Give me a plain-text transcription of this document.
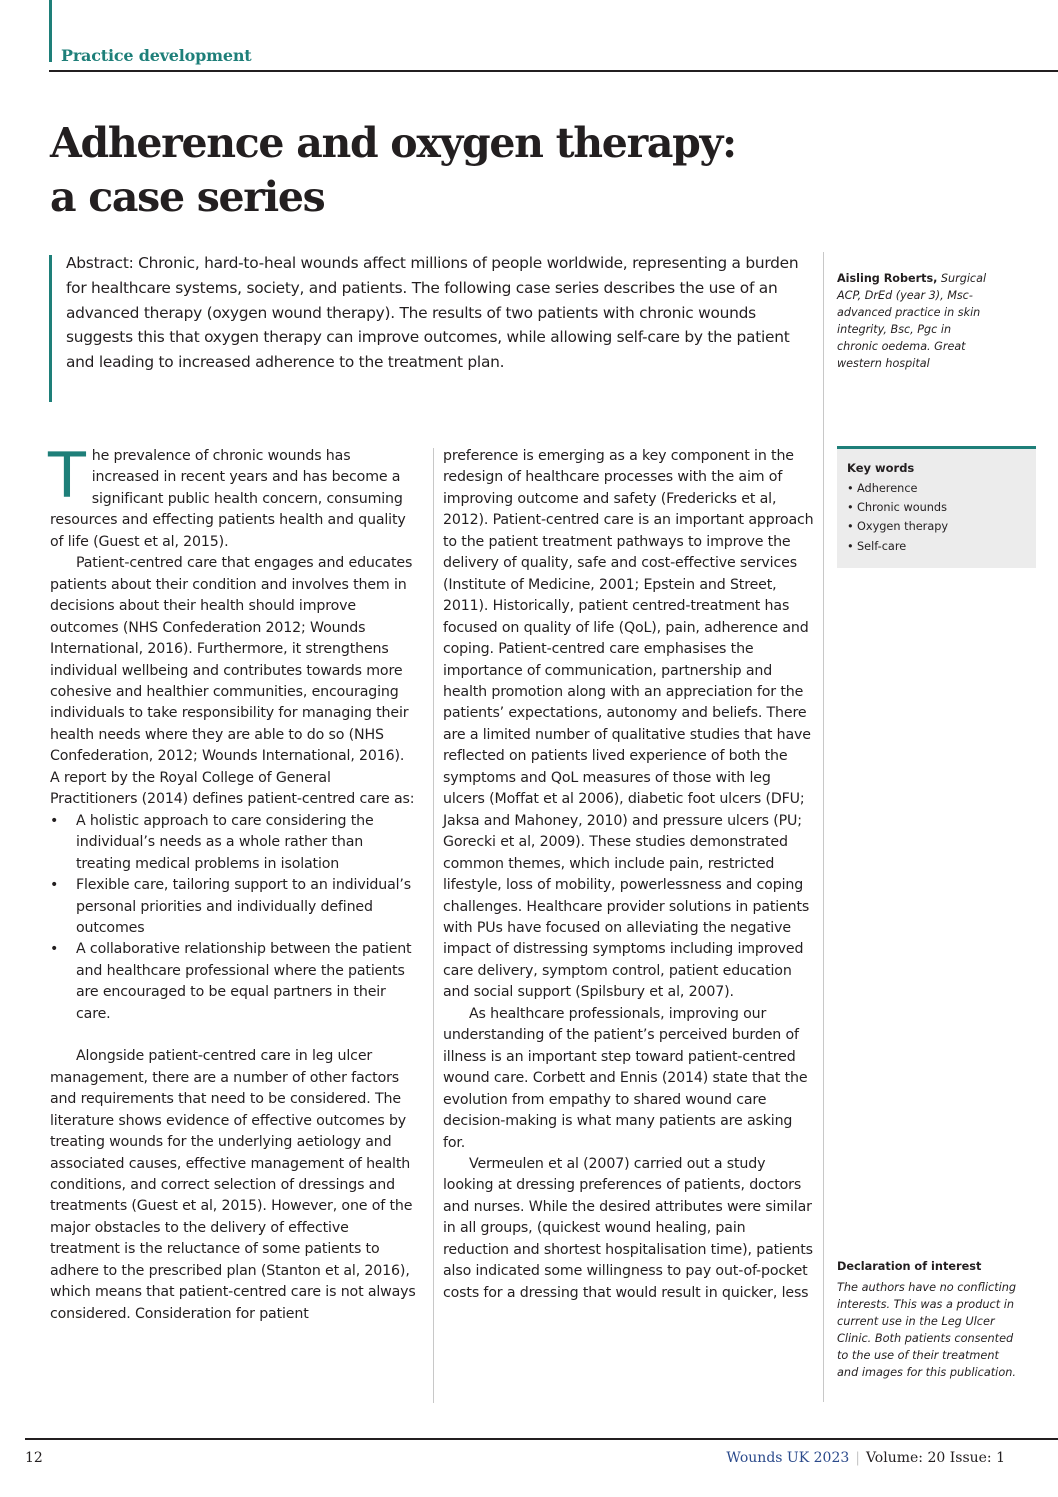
Practice development
Adherence and oxygen therapy:
a case series

Abstract: Chronic, hard-to-heal wounds affect millions of people worldwide, representing a burden for healthcare systems, society, and patients. The following case series describes the use of an advanced therapy (oxygen wound therapy). The results of two patients with chronic wounds suggests this that oxygen therapy can improve outcomes, while allowing self-care by the patient and leading to increased adherence to the treatment plan.

Aisling Roberts, Surgical ACP, DrEd (year 3), Msc-advanced practice in skin integrity, Bsc, Pgc in chronic oedema. Great western hospital
Key words
• Adherence
• Chronic wounds
• Oxygen therapy
• Self-care
Declaration of interest
The authors have no conflicting interests. This was a product in current use in the Leg Ulcer Clinic. Both patients consented to the use of their treatment and images for this publication.

The prevalence of chronic wounds has increased in recent years and has become a significant public health concern, consuming resources and effecting patients health and quality of life (Guest et al, 2015).

Patient-centred care that engages and educates patients about their condition and involves them in decisions about their health should improve outcomes (NHS Confederation 2012; Wounds International, 2016). Furthermore, it strengthens individual wellbeing and contributes towards more cohesive and healthier communities, encouraging individuals to take responsibility for managing their health needs where they are able to do so (NHS Confederation, 2012; Wounds International, 2016). A report by the Royal College of General Practitioners (2014) defines patient-centred care as:

• A holistic approach to care considering the individual’s needs as a whole rather than treating medical problems in isolation
• Flexible care, tailoring support to an individual’s personal priorities and individually defined outcomes
• A collaborative relationship between the patient and healthcare professional where the patients are encouraged to be equal partners in their care.

Alongside patient-centred care in leg ulcer management, there are a number of other factors and requirements that need to be considered. The literature shows evidence of effective outcomes by treating wounds for the underlying aetiology and associated causes, effective management of health conditions, and correct selection of dressings and treatments (Guest et al, 2015). However, one of the major obstacles to the delivery of effective treatment is the reluctance of some patients to adhere to the prescribed plan (Stanton et al, 2016), which means that patient-centred care is not always considered. Consideration for patient

preference is emerging as a key component in the redesign of healthcare processes with the aim of improving outcome and safety (Fredericks et al, 2012). Patient-centred care is an important approach to the patient treatment pathways to improve the delivery of quality, safe and cost-effective services (Institute of Medicine, 2001; Epstein and Street, 2011). Historically, patient centred-treatment has focused on quality of life (QoL), pain, adherence and coping. Patient-centred care emphasises the importance of communication, partnership and health promotion along with an appreciation for the patients’ expectations, autonomy and beliefs. There are a limited number of qualitative studies that have reflected on patients lived experience of both the symptoms and QoL measures of those with leg ulcers (Moffat et al 2006), diabetic foot ulcers (DFU; Jaksa and Mahoney, 2010) and pressure ulcers (PU; Gorecki et al, 2009). These studies demonstrated common themes, which include pain, restricted lifestyle, loss of mobility, powerlessness and coping challenges. Healthcare provider solutions in patients with PUs have focused on alleviating the negative impact of distressing symptoms including improved care delivery, symptom control, patient education and social support (Spilsbury et al, 2007).

As healthcare professionals, improving our understanding of the patient’s perceived burden of illness is an important step toward patient-centred wound care. Corbett and Ennis (2014) state that the evolution from empathy to shared wound care decision-making is what many patients are asking for.

Vermeulen et al (2007) carried out a study looking at dressing preferences of patients, doctors and nurses. While the desired attributes were similar in all groups, (quickest wound healing, pain reduction and shortest hospitalisation time), patients also indicated some willingness to pay out-of-pocket costs for a dressing that would result in quicker, less

12	Wounds UK 2023 | Volume: 20 Issue: 1
